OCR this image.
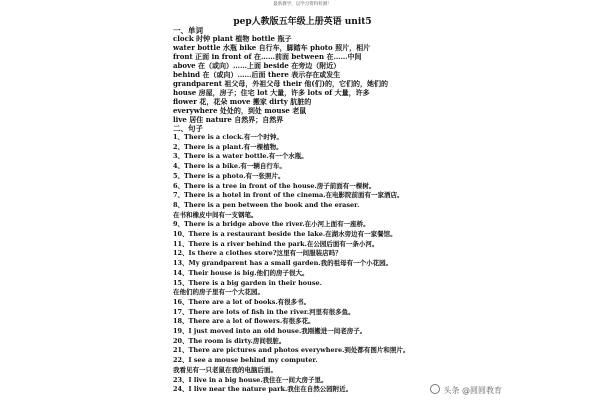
最新教学，以学习资料检测！
pep人教版五年级上册英语 unit5
一、单词
clock 时钟 plant 植物 bottle 瓶子
water bottle 水瓶 bike 自行车，脚踏车 photo 照片，相片
front 正面 in front of 在……前面 between 在……中间
above 在（或向）……上面 beside 在旁边（附近）
behind 在（或向）……后面 there 表示存在或发生
grandparent 祖父母，外祖父母 their 他(们)的，它们的，她们的
house 房屋，房子；住宅 lot 大量，许多 lots of 大量，许多
flower 花，花朵 move 搬家 dirty 肮脏的
everywhere 处处的，到处 mouse 老鼠
live 居住 nature 自然界；自然界
二、句子
1、There is a clock.有一个时钟。
2、There is a plant.有一棵植物。
3、There is a water bottle.有一个水瓶。
4、There is a bike.有一辆自行车。
5、There is a photo.有一张照片。
6、There is a tree in front of the house.房子前面有一棵树。
7、There is a hotel in front of the cinema.在电影院前面有一家酒店。
8、There is a pen between the book and the eraser.
在书和橡皮中间有一支钢笔。
9、There is a bridge above the river.在小河上面有一座桥。
10、There is a restaurant beside the lake.在湖水旁边有一家餐馆。
11、There is a river behind the park.在公园后面有一条小河。
12、Is there a clothes store?这里有一间服装店吗？
13、My grandparent has a small garden.我的祖母有一个小花园。
14、Their house is big.他们的房子很大。
15、There is a big garden in their house.
在他们的房子里有一个大花园。
16、There are a lot of books.有很多书。
17、There are lots of fish in the river.河里有很多鱼。
18、There are a lot of flowers.有很多花。
19、I just moved into an old house.我刚搬进一间老房子。
20、The room is dirty.房间很脏。
21、There are pictures and photos everywhere.到处都有图片和照片。
22、I see a mouse behind my computer.
我看见有一只老鼠在我的电脑后面。
23、I live in a big house.我住在一间大房子里。
24、I live near the nature park.我住在自然公园附近。	头条 @圆圆教育
